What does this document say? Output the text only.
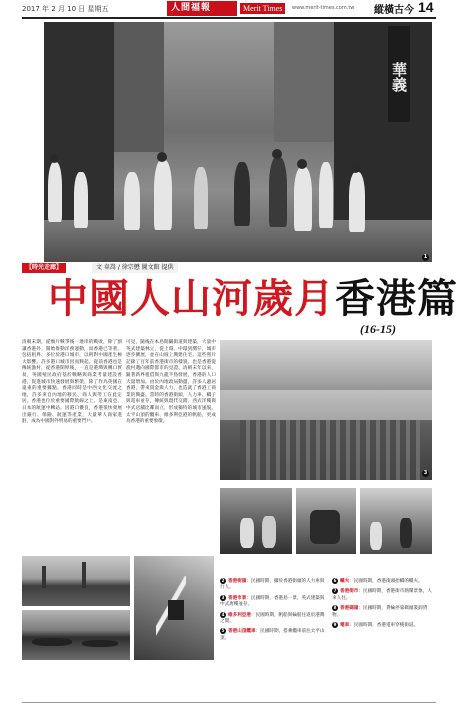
2017 年 2 月 10 日 星期五	人間福報	Merit Times	www.merit-times.com.tw 縱橫古今 14
華義
1
【時光走廊】	文 韋嵩 / 徐宗懋 圖文館 提供
中國人山河歲月香港篇
(16-15)
清朝末期，從鴉片戰爭後一連串的戰敗，除了割讓香港外，開始推動洋務運動，而香港已等著，包括租界、多位於港口城市，以則對中國產生極大影響。許多港口城市因而興起。從前香港也是傳統漁村，從香港開埠後，一直是港灣與轉口貿易，英國殖民政府基於戰略與商業考量建設香港，促進城市快速發展與繁榮。除了作為英國在遠東的重要據點，香港同時是中西文化交流之地，許多來自內地的移民、商人與勞工在此定居。香港也位於重要國際航線之上，是東南亞、日本的航運中轉站。因港口優良，香港很快發展出銀行、保險、航運等產業，大量華人商家進駐，成為中國對外貿易的重要門戶。
可見，隨後在本島開闢街道與建築，大量中英式建築林立，從上環、中環到灣仔，城市逐步擴展，並在山坡上興建住宅。這些照片記錄了百年前香港街市的樣貌，也是香港從漁村邁向國際都市的見證。清朝末年以來，隨著新界租借與九龍半島發展，香港的人口大量增加。由於內地政局動盪，許多人避居香港，帶來資金與人力，也造就了香港工商業的興盛。當時的香港街頭，人力車、轎子與電車並存，傳統與現代交錯，西式洋樓與中式店舖比鄰而立，形成獨特的城市風貌。太平山頂的纜車、維多利亞港的帆船，更成為香港的重要象徵。
3
2 香港街頭：民國時期，攝於香港街頭的人力車與行人。
3 香港市景：民國時期，香港島一景，英式建築與中式唐樓並存。
4 維多利亞港：民國時期，帆船與輪船往返於港灣之間。
5 香港山頂纜車：民國時期，搭乘纜車前往太平山頂。
6 轎夫：民國時期，香港街頭抬轎的轎夫。
7 香港街市：民國時期，香港街市熱鬧景象，人來人往。
8 香港碼頭：民國時期，貨輪停靠碼頭裝卸貨物。
9 電車：民國時期，香港電車穿梭街道。
